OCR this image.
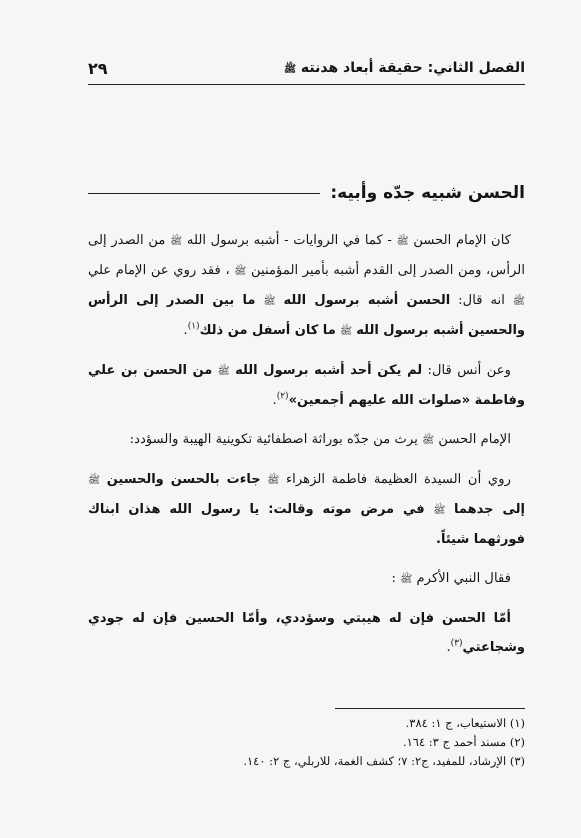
الفصل الثاني: حقيقة أبعاد هدنته ﷺ
٢٩
الحسن شبيه جدّه وأبيه:

كان الإمام الحسن ﷺ - كما في الروايات - أشبه برسول الله ﷺ من الصدر إلى الرأس، ومن الصدر إلى القدم أشبه بأمير المؤمنين ﷺ ، فقد روي عن الإمام علي ﷺ انه قال: الحسن أشبه برسول الله ﷺ ما بين الصدر إلى الرأس والحسين أشبه برسول الله ﷺ ما كان أسفل من ذلك$^{(١)}$.

وعن أنس قال: لم يكن أحد أشبه برسول الله ﷺ من الحسن بن علي وفاطمة «صلوات الله عليهم أجمعين»$^{(٢)}$.

الإمام الحسن ﷺ يرث من جدّه بوراثة اصطفائية تكوينية الهيبة والسؤدد:

روي أن السيدة العظيمة فاطمة الزهراء ﷺ جاءت بالحسن والحسين ﷺ إلى جدهما ﷺ في مرض موته وقالت: يا رسول الله هذان ابناك فورثهما شيئاً.

فقال النبي الأكرم ﷺ :

أمّا الحسن فإن له هيبتي وسؤددي، وأمّا الحسين فإن له جودي وشجاعتي$^{(٣)}$.

(١) الاستيعاب، ج ١: ٣٨٤.
(٢) مسند أحمد ج ٣: ١٦٤.
(٣) الإرشاد، للمفيد، ج٢: ٧؛ كشف الغمة، للاربلي، ج ٢: ١٤٠.
